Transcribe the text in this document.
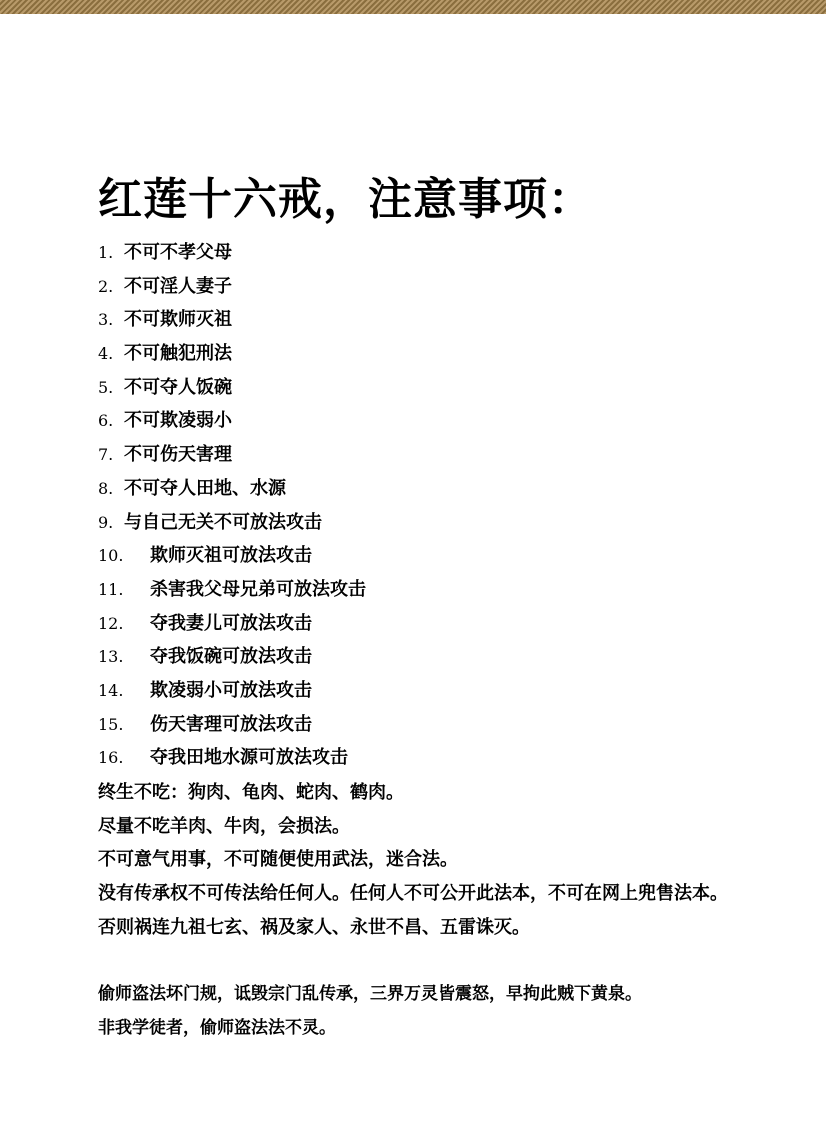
红莲十六戒，注意事项：
1. 不可不孝父母
2. 不可淫人妻子
3. 不可欺师灭祖
4. 不可触犯刑法
5. 不可夺人饭碗
6. 不可欺凌弱小
7. 不可伤天害理
8. 不可夺人田地、水源
9. 与自己无关不可放法攻击
10. 欺师灭祖可放法攻击
11. 杀害我父母兄弟可放法攻击
12. 夺我妻儿可放法攻击
13. 夺我饭碗可放法攻击
14. 欺凌弱小可放法攻击
15. 伤天害理可放法攻击
16. 夺我田地水源可放法攻击
终生不吃：狗肉、龟肉、蛇肉、鹤肉。
尽量不吃羊肉、牛肉，会损法。
不可意气用事，不可随便使用武法，迷合法。
没有传承权不可传法给任何人。任何人不可公开此法本，不可在网上兜售法本。
否则祸连九祖七玄、祸及家人、永世不昌、五雷诛灭。
偷师盗法坏门规，诋毁宗门乱传承，三界万灵皆震怒，早拘此贼下黄泉。
非我学徒者，偷师盗法法不灵。
